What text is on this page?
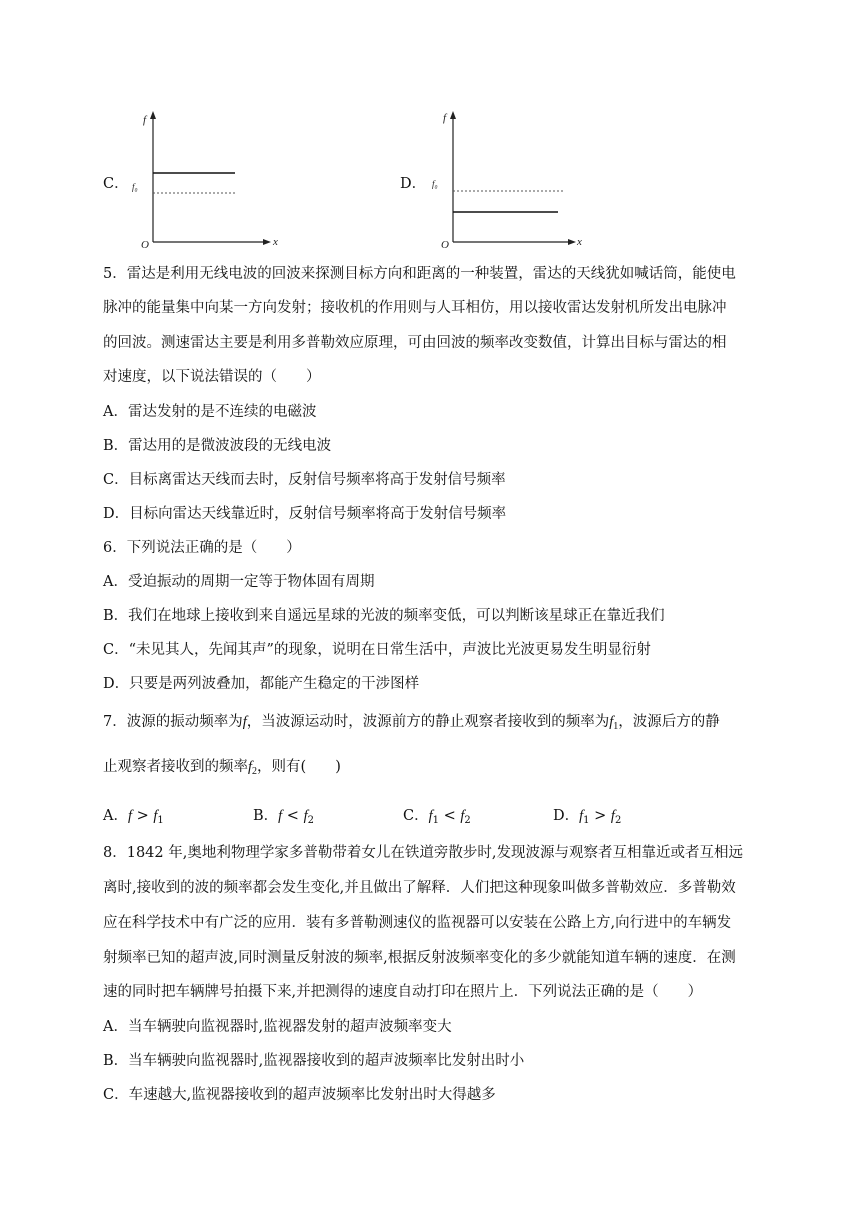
C．
f
x
O
f₀	D．
f
x
O
f₀
5．雷达是利用无线电波的回波来探测目标方向和距离的一种装置，雷达的天线犹如喊话筒，能使电
脉冲的能量集中向某一方向发射；接收机的作用则与人耳相仿，用以接收雷达发射机所发出电脉冲
的回波。测速雷达主要是利用多普勒效应原理，可由回波的频率改变数值，计算出目标与雷达的相
对速度，以下说法错误的（　　）
A．雷达发射的是不连续的电磁波
B．雷达用的是微波波段的无线电波
C．目标离雷达天线而去时，反射信号频率将高于发射信号频率
D．目标向雷达天线靠近时，反射信号频率将高于发射信号频率
6．下列说法正确的是（　　）
A．受迫振动的周期一定等于物体固有周期
B．我们在地球上接收到来自遥远星球的光波的频率变低，可以判断该星球正在靠近我们
C．“未见其人，先闻其声”的现象，说明在日常生活中，声波比光波更易发生明显衍射
D．只要是两列波叠加，都能产生稳定的干涉图样
7．波源的振动频率为f，当波源运动时，波源前方的静止观察者接收到的频率为$f_1$，波源后方的静
止观察者接收到的频率$f_2$，则有(　　)
A．$f > f_1$	B．$f < f_2$	C．$f_1 < f_2$	D．$f_1 > f_2$
8．1842 年,奥地利物理学家多普勒带着女儿在铁道旁散步时,发现波源与观察者互相靠近或者互相远
离时,接收到的波的频率都会发生变化,并且做出了解释．人们把这种现象叫做多普勒效应．多普勒效
应在科学技术中有广泛的应用．装有多普勒测速仪的监视器可以安装在公路上方,向行进中的车辆发
射频率已知的超声波,同时测量反射波的频率,根据反射波频率变化的多少就能知道车辆的速度．在测
速的同时把车辆牌号拍摄下来,并把测得的速度自动打印在照片上．下列说法正确的是（　　）
A．当车辆驶向监视器时,监视器发射的超声波频率变大
B．当车辆驶向监视器时,监视器接收到的超声波频率比发射出时小
C．车速越大,监视器接收到的超声波频率比发射出时大得越多
